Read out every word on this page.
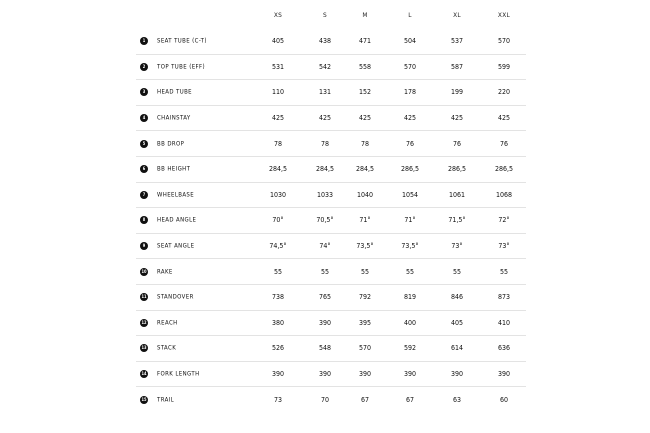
XS	S	M	L	XL	XXL
1	SEAT TUBE (C-T)	405	438	471	504	537	570
2	TOP TUBE (EFF)	531	542	558	570	587	599
3	HEAD TUBE	110	131	152	178	199	220
4	CHAINSTAY	425	425	425	425	425	425
5	BB DROP	78	78	78	76	76	76
6	BB HEIGHT	284,5	284,5	284,5	286,5	286,5	286,5
7	WHEELBASE	1030	1033	1040	1054	1061	1068
8	HEAD ANGLE	70°	70,5°	71°	71°	71,5°	72°
9	SEAT ANGLE	74,5°	74°	73,5°	73,5°	73°	73°
10 RAKE	55	55	55	55	55	55
11 STANDOVER	738	765	792	819	846	873
12 REACH	380	390	395	400	405	410
13 STACK	526	548	570	592	614	636
14 FORK LENGTH	390	390	390	390	390	390
15 TRAIL	73	70	67	67	63	60
